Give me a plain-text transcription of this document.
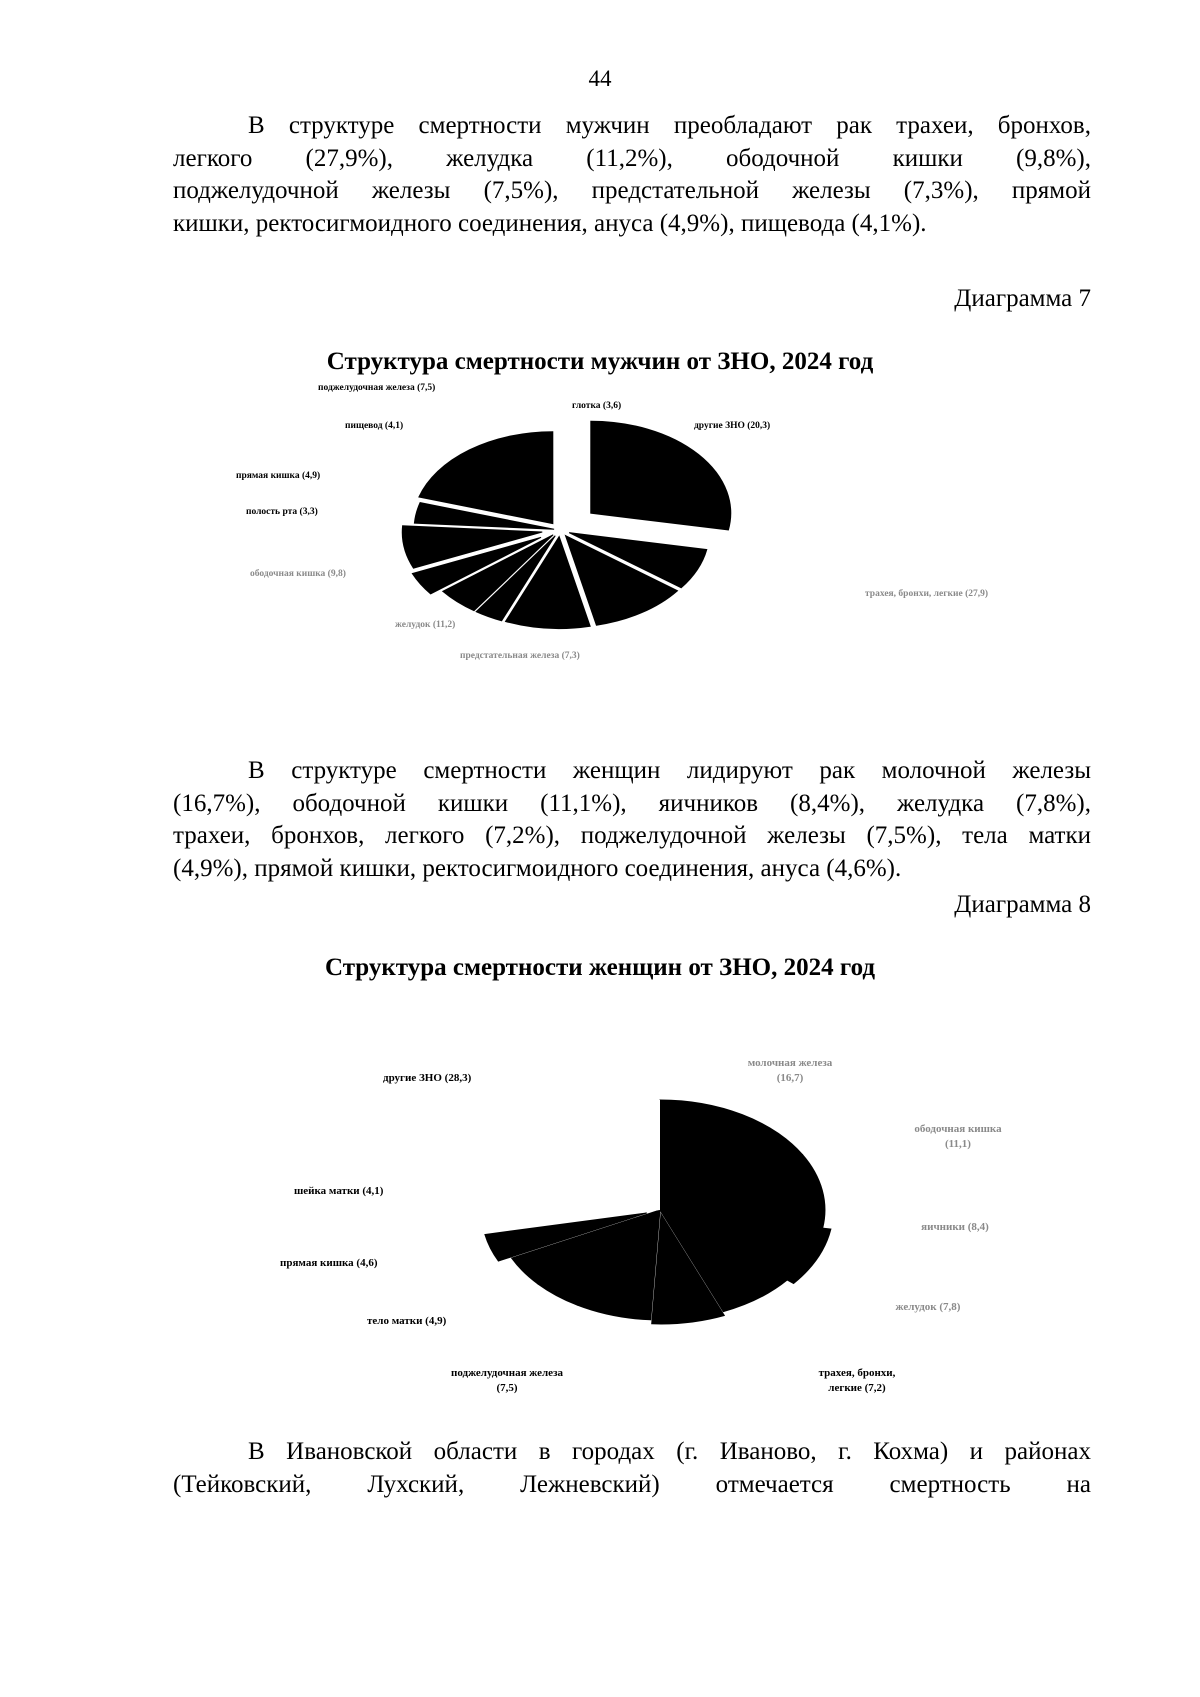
44
В структуре смертности мужчин преобладают рак трахеи, бронхов,
легкого (27,9%), желудка (11,2%), ободочной кишки (9,8%),
поджелудочной железы (7,5%), предстательной железы (7,3%), прямой
кишки, ректосигмоидного соединения, ануса (4,9%), пищевода (4,1%).
Диаграмма 7
Структура смертности мужчин от ЗНО, 2024 год
трахея, бронхи, легкие (27,9)
предстательная железа (7,3)
желудок (11,2)
ободочная кишка (9,8)
полость рта (3,3)
прямая кишка (4,9)
пищевод (4,1)
поджелудочная железа (7,5)
глотка (3,6)
другие ЗНО (20,3)
В структуре смертности женщин лидируют рак молочной железы
(16,7%), ободочной кишки (11,1%), яичников (8,4%), желудка (7,8%),
трахеи, бронхов, легкого (7,2%), поджелудочной железы (7,5%), тела матки
(4,9%), прямой кишки, ректосигмоидного соединения, ануса (4,6%).
Диаграмма 8
Структура смертности женщин от ЗНО, 2024 год
молочная железа
(16,7)
ободочная кишка
(11,1)
яичники (8,4)
желудок (7,8)
трахея, бронхи,
легкие (7,2)
поджелудочная железа
(7,5)
тело матки (4,9)
прямая кишка (4,6)
шейка матки (4,1)
другие ЗНО (28,3)
В Ивановской области в городах (г. Иваново, г. Кохма) и районах
(Тейковский, Лухский, Лежневский) отмечается смертность на
